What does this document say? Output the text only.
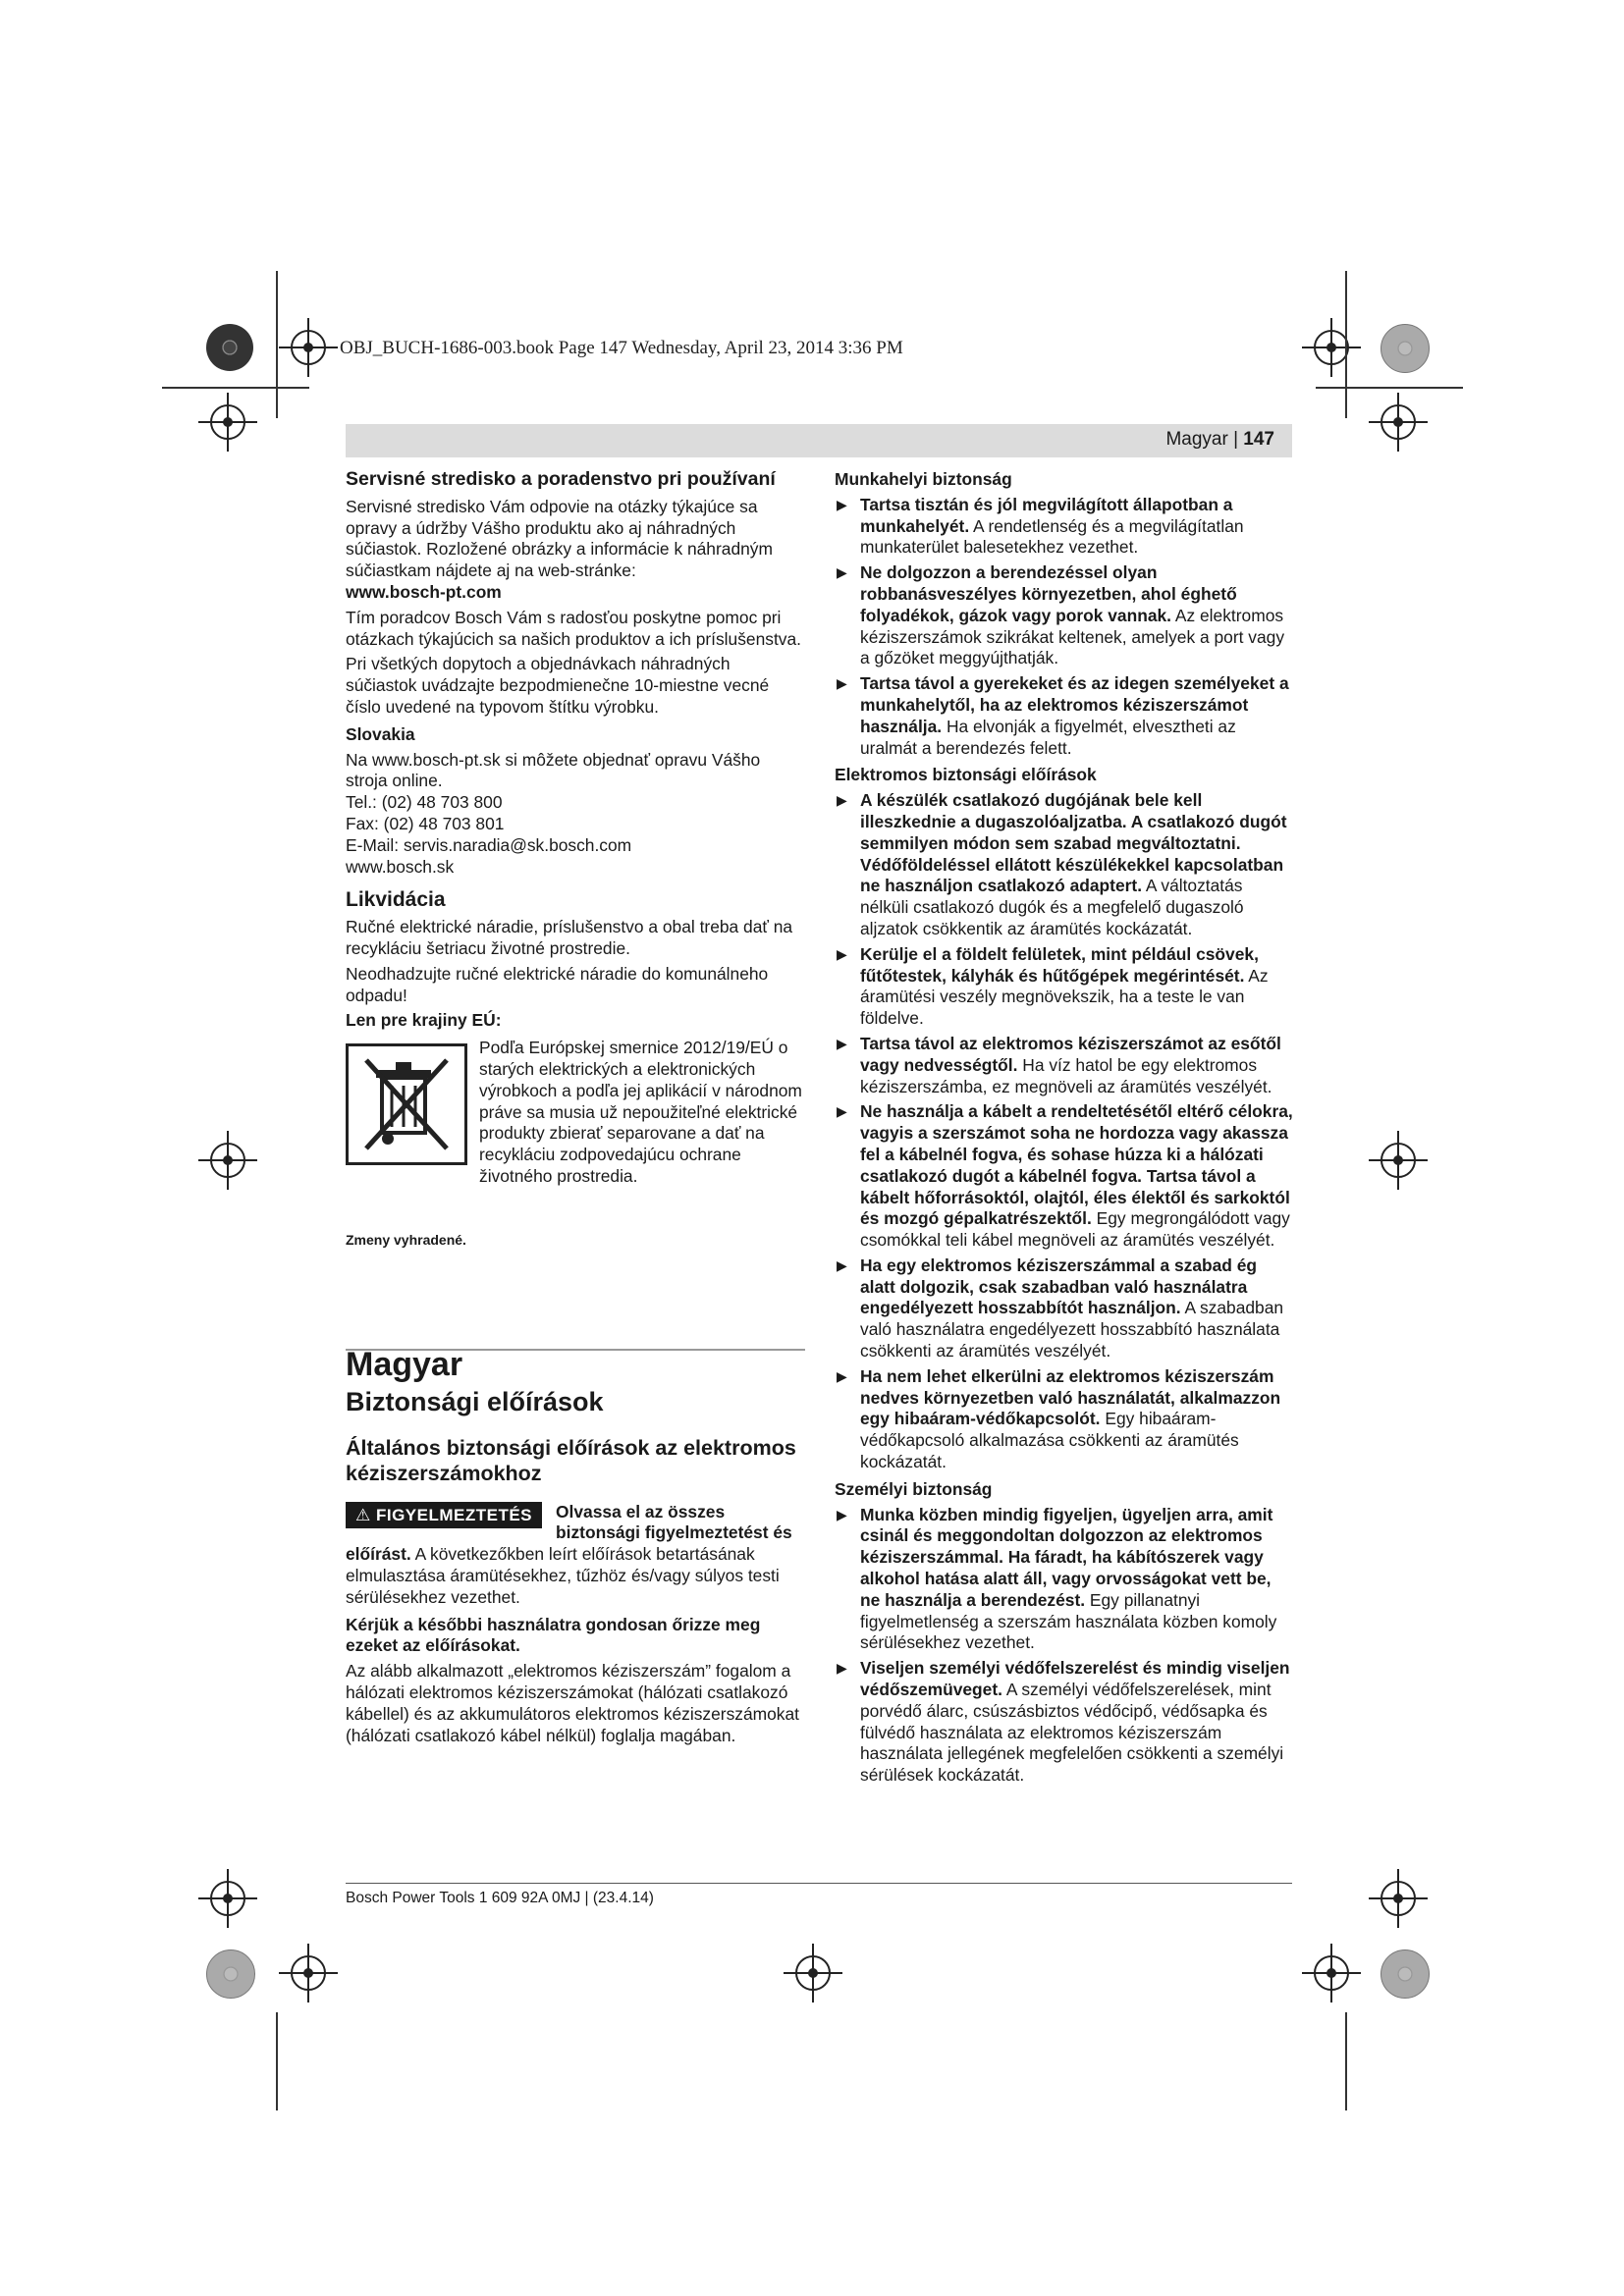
OBJ_BUCH-1686-003.book Page 147 Wednesday, April 23, 2014 3:36 PM
Magyar | 147
Servisné stredisko a poradenstvo pri používaní

Servisné stredisko Vám odpovie na otázky týkajúce sa opravy a údržby Vášho produktu ako aj náhradných súčiastok. Rozložené obrázky a informácie k náhradným súčiastkam nájdete aj na web-stránke:

www.bosch-pt.com

Tím poradcov Bosch Vám s radosťou poskytne pomoc pri otázkach týkajúcich sa našich produktov a ich príslušenstva.

Pri všetkých dopytoch a objednávkach náhradných súčiastok uvádzajte bezpodmienečne 10-miestne vecné číslo uvedené na typovom štítku výrobku.

Slovakia

Na www.bosch-pt.sk si môžete objednať opravu Vášho stroja online.

Tel.: (02) 48 703 800
Fax: (02) 48 703 801
E-Mail: servis.naradia@sk.bosch.com
www.bosch.sk
Likvidácia

Ručné elektrické náradie, príslušenstvo a obal treba dať na recykláciu šetriacu životné prostredie.

Neodhadzujte ručné elektrické náradie do komunálneho odpadu!

Len pre krajiny EÚ:
Podľa Európskej smernice 2012/19/EÚ o starých elektrických a elektronických výrobkoch a podľa jej aplikácií v národnom práve sa musia už nepoužiteľné elektrické produkty zbierať separovane a dať na recykláciu zodpovedajúcu ochrane životného prostredia.

Zmeny vyhradené.

Magyar
Biztonsági előírások
Általános biztonsági előírások az elektromos kéziszerszámokhoz
⚠ FIGYELMEZTETÉS	Olvassa el az összes biztonsági figyelmeztetést és előírást. A következőkben leírt előírások betartásának elmulasztása áramütésekhez, tűzhöz és/vagy súlyos testi sérülésekhez vezethet.

Kérjük a későbbi használatra gondosan őrizze meg ezeket az előírásokat.

Az alább alkalmazott „elektromos kéziszerszám” fogalom a hálózati elektromos kéziszerszámokat (hálózati csatlakozó kábellel) és az akkumulátoros elektromos kéziszerszámokat (hálózati csatlakozó kábel nélkül) foglalja magában.

Munkahelyi biztonság
▶ Tartsa tisztán és jól megvilágított állapotban a munkahelyét. A rendetlenség és a megvilágítatlan munkaterület balesetekhez vezethet.
▶ Ne dolgozzon a berendezéssel olyan robbanásveszélyes környezetben, ahol éghető folyadékok, gázok vagy porok vannak. Az elektromos kéziszerszámok szikrákat keltenek, amelyek a port vagy a gőzöket meggyújthatják.
▶ Tartsa távol a gyerekeket és az idegen személyeket a munkahelytől, ha az elektromos kéziszerszámot használja. Ha elvonják a figyelmét, elvesztheti az uralmát a berendezés felett.
Elektromos biztonsági előírások
▶ A készülék csatlakozó dugójának bele kell illeszkednie a dugaszolóaljzatba. A csatlakozó dugót semmilyen módon sem szabad megváltoztatni. Védőföldeléssel ellátott készülékekkel kapcsolatban ne használjon csatlakozó adaptert. A változtatás nélküli csatlakozó dugók és a megfelelő dugaszoló aljzatok csökkentik az áramütés kockázatát.
▶ Kerülje el a földelt felületek, mint például csövek, fűtőtestek, kályhák és hűtőgépek megérintését. Az áramütési veszély megnövekszik, ha a teste le van földelve.
▶ Tartsa távol az elektromos kéziszerszámot az esőtől vagy nedvességtől. Ha víz hatol be egy elektromos kéziszerszámba, ez megnöveli az áramütés veszélyét.
▶ Ne használja a kábelt a rendeltetésétől eltérő célokra, vagyis a szerszámot soha ne hordozza vagy akassza fel a kábelnél fogva, és sohase húzza ki a hálózati csatlakozó dugót a kábelnél fogva. Tartsa távol a kábelt hőforrásoktól, olajtól, éles élektől és sarkoktól és mozgó gépalkatrészektől. Egy megrongálódott vagy csomókkal teli kábel megnöveli az áramütés veszélyét.
▶ Ha egy elektromos kéziszerszámmal a szabad ég alatt dolgozik, csak szabadban való használatra engedélyezett hosszabbítót használjon. A szabadban való használatra engedélyezett hosszabbító használata csökkenti az áramütés veszélyét.
▶ Ha nem lehet elkerülni az elektromos kéziszerszám nedves környezetben való használatát, alkalmazzon egy hibaáram-védőkapcsolót. Egy hibaáram-védőkapcsoló alkalmazása csökkenti az áramütés kockázatát.
Személyi biztonság
▶ Munka közben mindig figyeljen, ügyeljen arra, amit csinál és meggondoltan dolgozzon az elektromos kéziszerszámmal. Ha fáradt, ha kábítószerek vagy alkohol hatása alatt áll, vagy orvosságokat vett be, ne használja a berendezést. Egy pillanatnyi figyelmetlenség a szerszám használata közben komoly sérülésekhez vezethet.
▶ Viseljen személyi védőfelszerelést és mindig viseljen védőszemüveget. A személyi védőfelszerelések, mint porvédő álarc, csúszásbiztos védőcipő, védősapka és fülvédő használata az elektromos kéziszerszám használata jellegének megfelelően csökkenti a személyi sérülések kockázatát.
Bosch Power Tools 1 609 92A 0MJ | (23.4.14)
